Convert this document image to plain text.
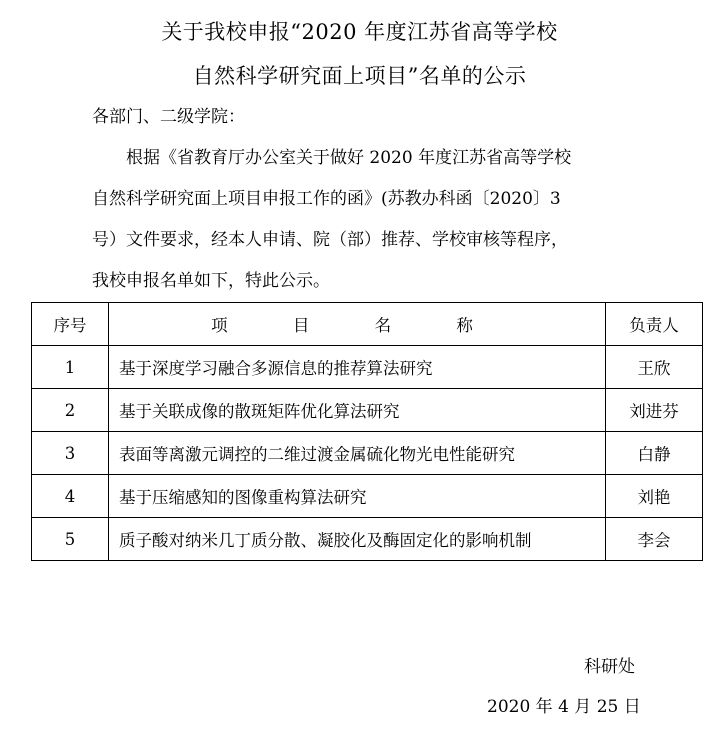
关于我校申报“2020 年度江苏省高等学校
自然科学研究面上项目”名单的公示
各部门、二级学院：
根据《省教育厅办公室关于做好 2020 年度江苏省高等学校
自然科学研究面上项目申报工作的函》(苏教办科函〔2020〕3
号）文件要求，经本人申请、院（部）推荐、学校审核等程序，
我校申报名单如下，特此公示。
序号	项 目 名 称	负责人
1	基于深度学习融合多源信息的推荐算法研究	王欣
2	基于关联成像的散斑矩阵优化算法研究	刘进芬
3	表面等离激元调控的二维过渡金属硫化物光电性能研究	白静
4	基于压缩感知的图像重构算法研究	刘艳
5	质子酸对纳米几丁质分散、凝胶化及酶固定化的影响机制	李会
科研处
2020 年 4 月 25 日
